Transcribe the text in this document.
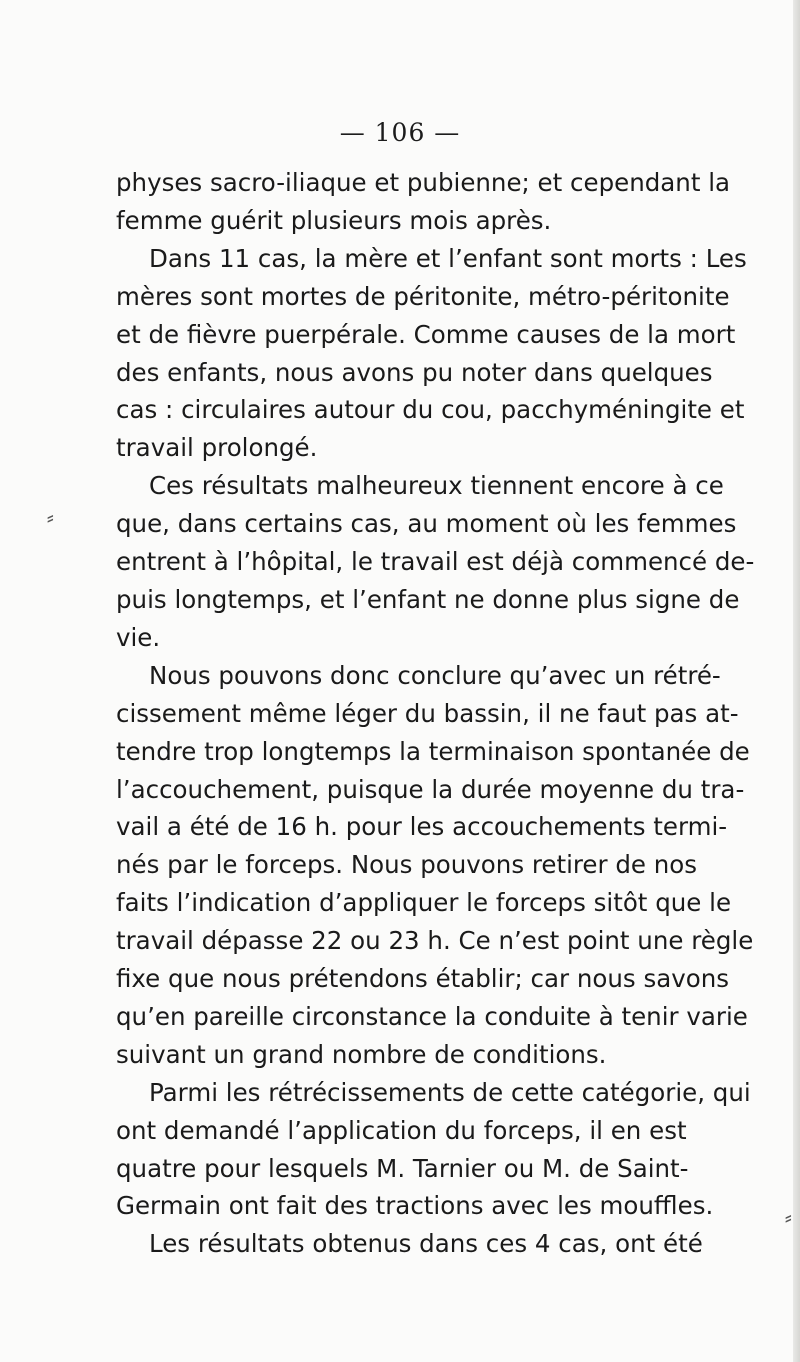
— 106 —
physes sacro-iliaque et pubienne; et cependant la
femme guérit plusieurs mois après.
Dans 11 cas, la mère et l’enfant sont morts : Les
mères sont mortes de péritonite, métro-péritonite
et de fièvre puerpérale. Comme causes de la mort
des enfants, nous avons pu noter dans quelques
cas : circulaires autour du cou, pacchyméningite et
travail prolongé.
Ces résultats malheureux tiennent encore à ce
que, dans certains cas, au moment où les femmes
entrent à l’hôpital, le travail est déjà commencé de-
puis longtemps, et l’enfant ne donne plus signe de
vie.
Nous pouvons donc conclure qu’avec un rétré-
cissement même léger du bassin, il ne faut pas at-
tendre trop longtemps la terminaison spontanée de
l’accouchement, puisque la durée moyenne du tra-
vail a été de 16 h. pour les accouchements termi-
nés par le forceps. Nous pouvons retirer de nos
faits l’indication d’appliquer le forceps sitôt que le
travail dépasse 22 ou 23 h. Ce n’est point une règle
fixe que nous prétendons établir; car nous savons
qu’en pareille circonstance la conduite à tenir varie
suivant un grand nombre de conditions.
Parmi les rétrécissements de cette catégorie, qui
ont demandé l’application du forceps, il en est
quatre pour lesquels M. Tarnier ou M. de Saint-
Germain ont fait des tractions avec les mouffles.
Les résultats obtenus dans ces 4 cas, ont été
⸗
⸗
